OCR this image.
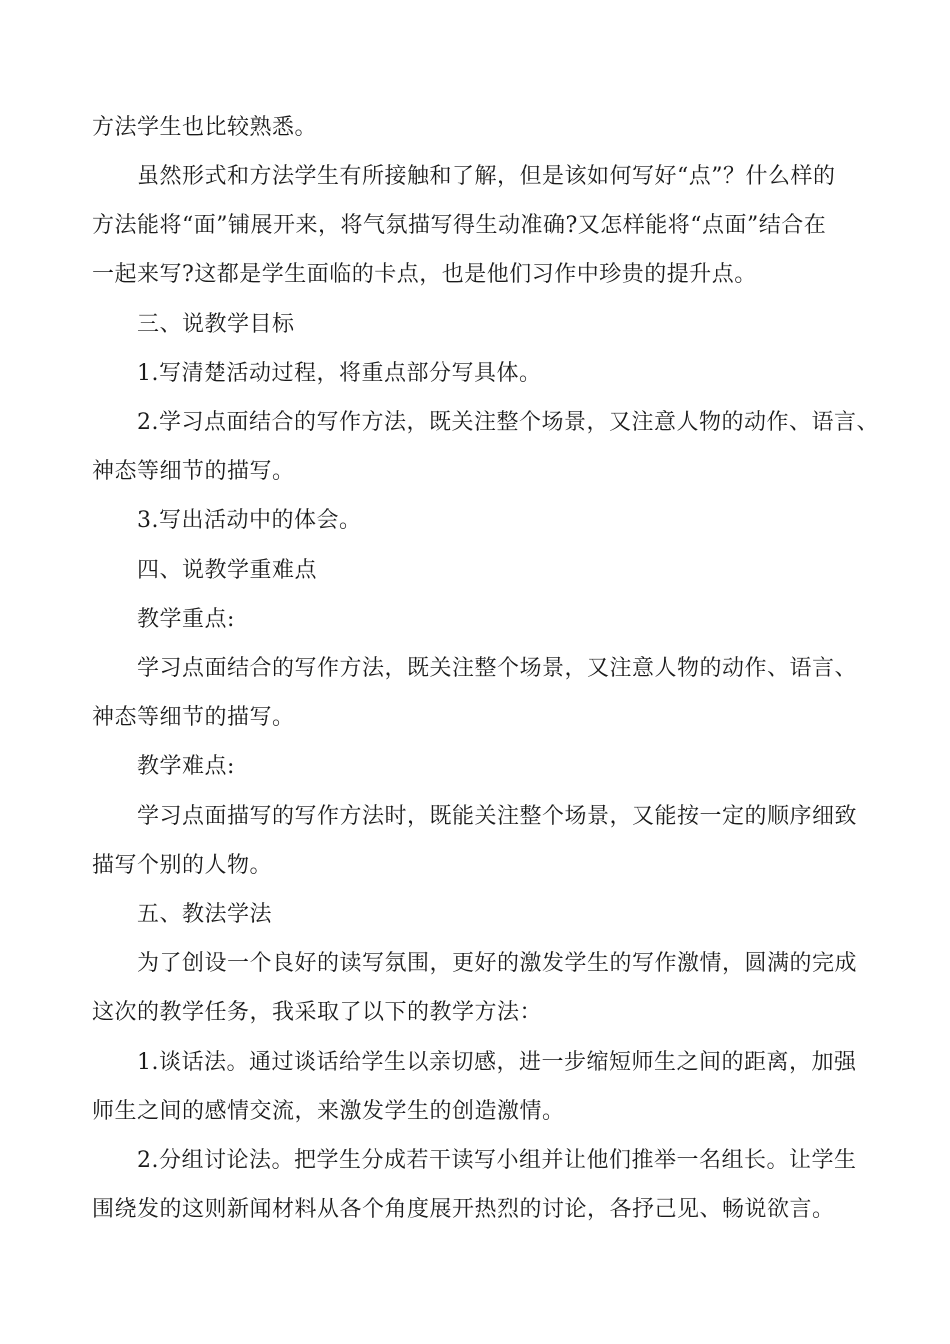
方法学生也比较熟悉。
虽然形式和方法学生有所接触和了解，但是该如何写好“点”？什么样的
方法能将“面”铺展开来，将气氛描写得生动准确?又怎样能将“点面”结合在
一起来写?这都是学生面临的卡点，也是他们习作中珍贵的提升点。
三、说教学目标
1.写清楚活动过程，将重点部分写具体。
2.学习点面结合的写作方法，既关注整个场景，又注意人物的动作、语言、
神态等细节的描写。
3.写出活动中的体会。
四、说教学重难点
教学重点:
学习点面结合的写作方法，既关注整个场景，又注意人物的动作、语言、
神态等细节的描写。
教学难点:
学习点面描写的写作方法时，既能关注整个场景，又能按一定的顺序细致
描写个别的人物。
五、教法学法
为了创设一个良好的读写氛围，更好的激发学生的写作激情，圆满的完成
这次的教学任务，我采取了以下的教学方法：
1.谈话法。通过谈话给学生以亲切感，进一步缩短师生之间的距离，加强
师生之间的感情交流，来激发学生的创造激情。
2.分组讨论法。把学生分成若干读写小组并让他们推举一名组长。让学生
围绕发的这则新闻材料从各个角度展开热烈的讨论，各抒己见、畅说欲言。
